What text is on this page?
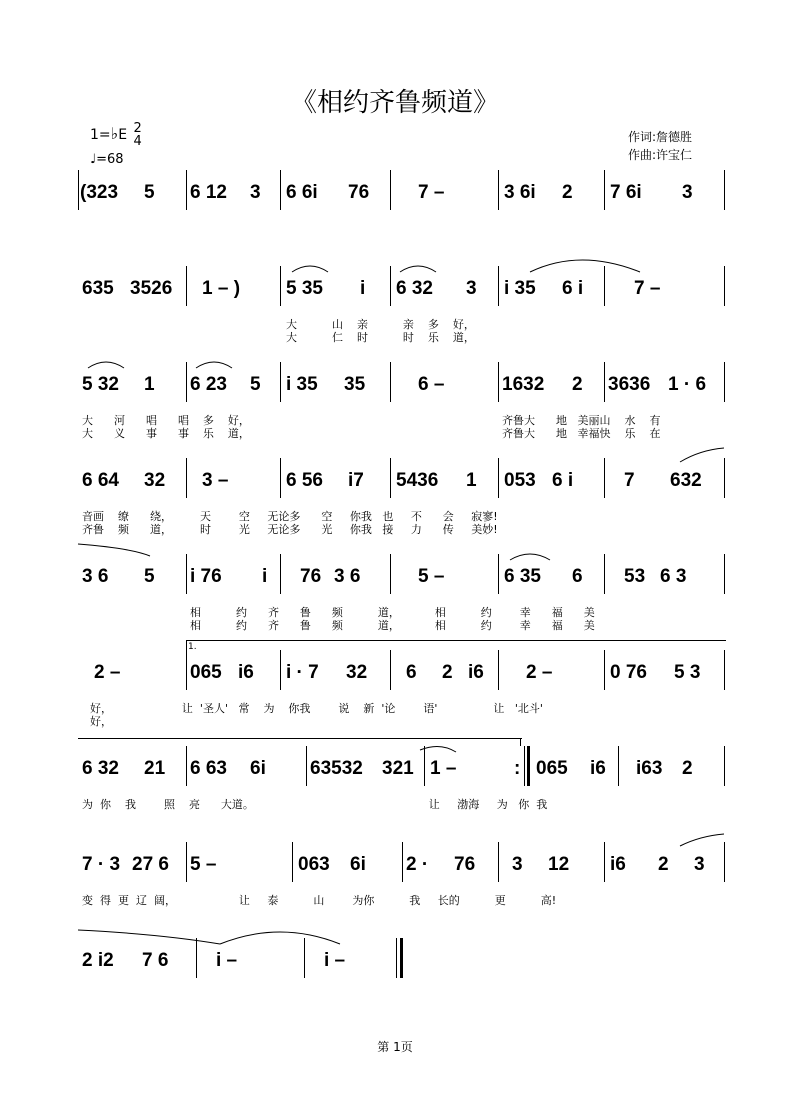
《相约齐鲁频道》
1=♭E 2
4
♩=68
作词:詹德胜
作曲:许宝仁
(323 5 6 12 3 6 6i 76	7 –	3 6i 2 7 6i 3
635 3526 1 – ) 5 35 i 6 32 3 i 35 6 i	7 –
大          山    亲          亲    多    好，
大          仁    时          时    乐    道，
5 32 1 6 23 5 i 35 35	6 –	1632 2 3636 1 · 6
大      河      唱      唱    多    好，
大      义      事      事    乐    道，
齐鲁大      地   美丽山    水    有
齐鲁大      地   幸福快    乐    在
6 64 32 3 –	6 56 i7 5436 1 053 6 i	7 632
音画    缭      绕，        天        空     无论多      空     你我   也     不      会     寂寥!
齐鲁    频      道，        时        光     无论多      光     你我   接     力      传     美妙!
3 6 5 i 76 i 76 3 6	5 –	6 35 6 53 6 3
相          约      齐      鲁      频          道，          相          约        幸      福      美
相          约      齐      鲁      频          道，          相          约        幸      福      美
1.
2 –	065 i6 i · 7 32 6 2 i6 2 –	0 76 5 3
好，                    让  '圣人'   常    为    你我        说    新  '论        语'                让   '北斗'
好，
6 32 21 6 63 6i 63532 321 1 –	: 065 i6 i63 2
为  你    我        照    亮      大道。                                                  让     渤海     为   你  我
7 · 3 27 6 5 –	063 6i 2 · 76 3 12 i6 2 3
变  得  更  辽  阔，                  让     泰          山        为你          我     长的          更          高!
2 i2 7 6	i –	i –
第 1页
